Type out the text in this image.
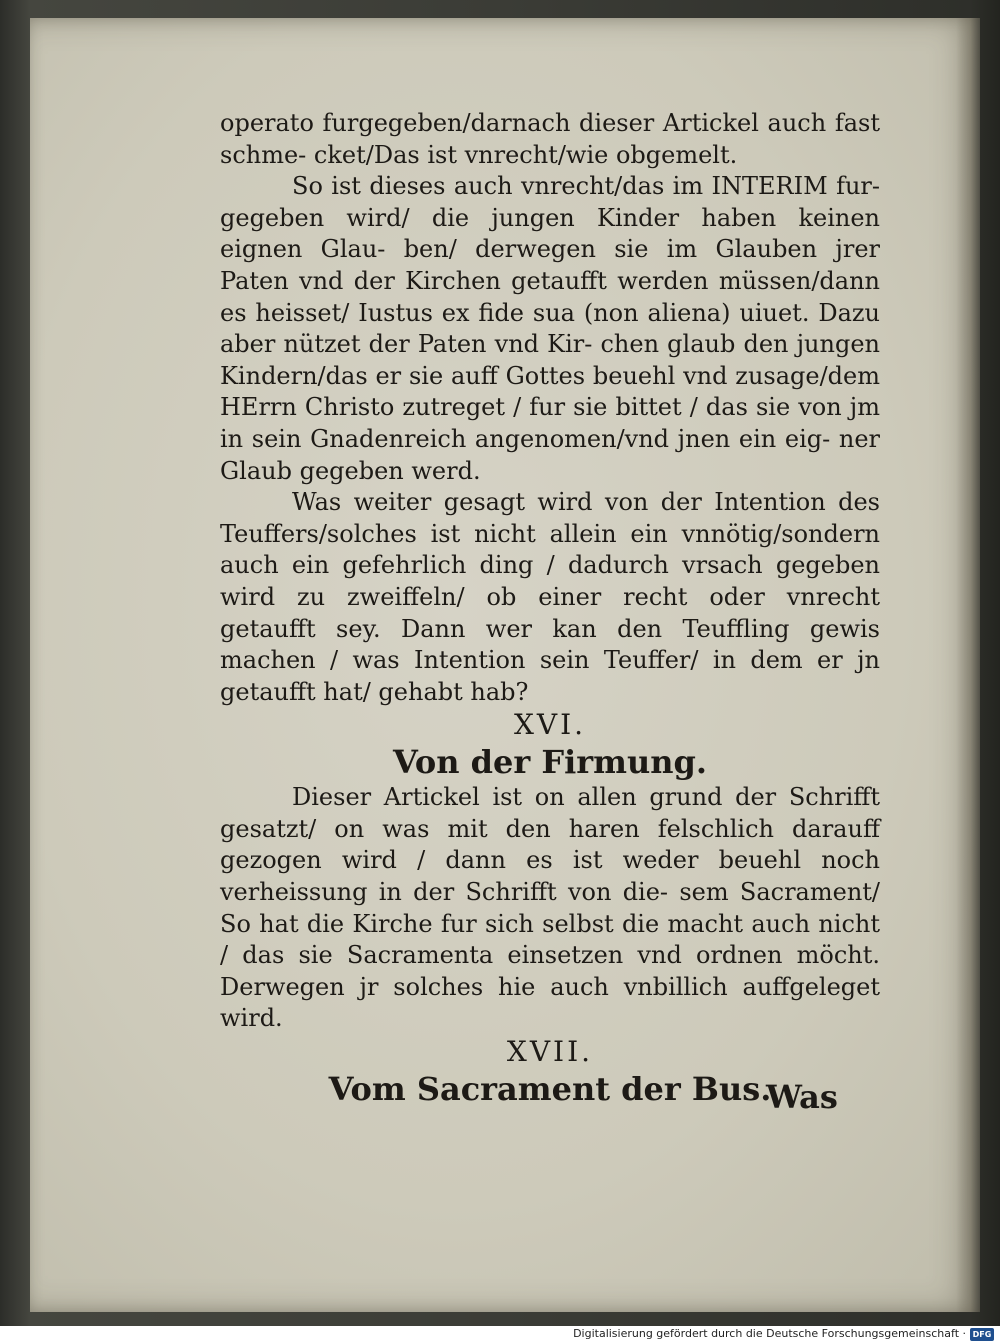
operato furgegeben/darnach dieser Artickel auch fast schme- cket/Das ist vnrecht/wie obgemelt.

So ist dieses auch vnrecht/das im INTERIM fur- gegeben wird/ die jungen Kinder haben keinen eignen Glau- ben/ derwegen sie im Glauben jrer Paten vnd der Kirchen getaufft werden müssen/dann es heisset/ Iustus ex fide sua (non aliena) uiuet. Dazu aber nützet der Paten vnd Kir- chen glaub den jungen Kindern/das er sie auff Gottes beuehl vnd zusage/dem HErrn Christo zutreget / fur sie bittet / das sie von jm in sein Gnadenreich angenomen/vnd jnen ein eig- ner Glaub gegeben werd.

Was weiter gesagt wird von der Intention des Teuffers/solches ist nicht allein ein vnnötig/sondern auch ein gefehrlich ding / dadurch vrsach gegeben wird zu zweiffeln/ ob einer recht oder vnrecht getaufft sey. Dann wer kan den Teuffling gewis machen / was Intention sein Teuffer/ in dem er jn getaufft hat/ gehabt hab?

XVI.

Von der Firmung.

Dieser Artickel ist on allen grund der Schrifft gesatzt/ on was mit den haren felschlich darauff gezogen wird / dann es ist weder beuehl noch verheissung in der Schrifft von die- sem Sacrament/ So hat die Kirche fur sich selbst die macht auch nicht / das sie Sacramenta einsetzen vnd ordnen möcht. Derwegen jr solches hie auch vnbillich auffgeleget wird.

XVII.

Vom Sacrament der Bus.

Was
Digitalisierung gefördert durch die Deutsche Forschungsgemeinschaft · DFG
